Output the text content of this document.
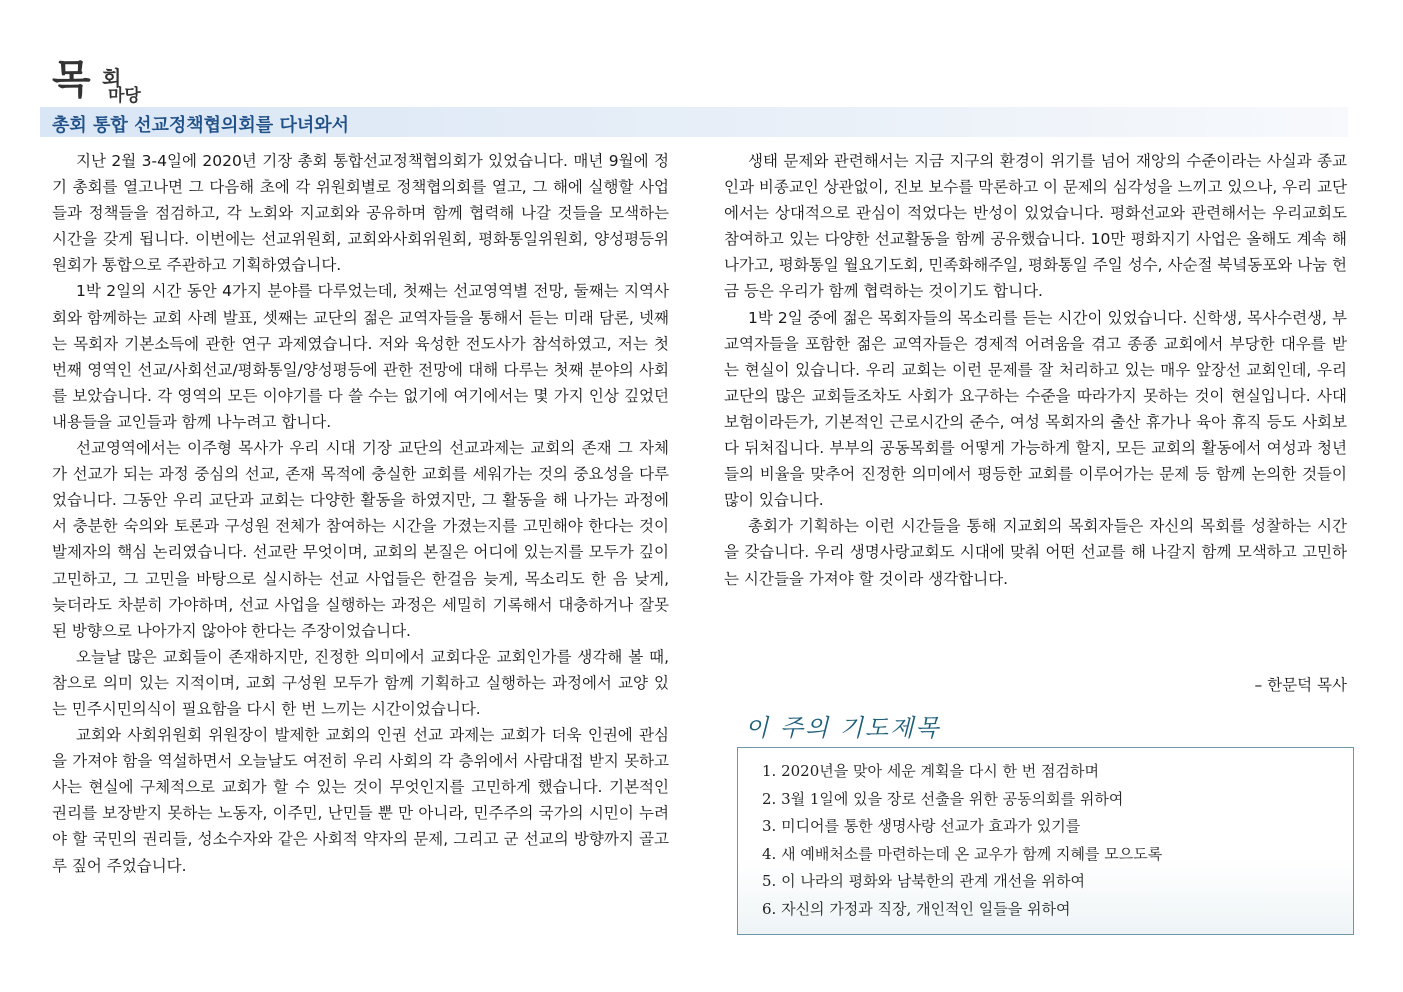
목 회
마당
총회 통합 선교정책협의회를 다녀와서

지난 2월 3-4일에 2020년 기장 총회 통합선교정책협의회가 있었습니다. 매년 9월에 정기 총회를 열고나면 그 다음해 초에 각 위원회별로 정책협의회를 열고, 그 해에 실행할 사업들과 정책들을 점검하고, 각 노회와 지교회와 공유하며 함께 협력해 나갈 것들을 모색하는 시간을 갖게 됩니다. 이번에는 선교위원회, 교회와사회위원회, 평화통일위원회, 양성평등위원회가 통합으로 주관하고 기획하였습니다.

1박 2일의 시간 동안 4가지 분야를 다루었는데, 첫째는 선교영역별 전망, 둘째는 지역사회와 함께하는 교회 사례 발표, 셋째는 교단의 젊은 교역자들을 통해서 듣는 미래 담론, 넷째는 목회자 기본소득에 관한 연구 과제였습니다. 저와 육성한 전도사가 참석하였고, 저는 첫 번째 영역인 선교/사회선교/평화통일/양성평등에 관한 전망에 대해 다루는 첫째 분야의 사회를 보았습니다. 각 영역의 모든 이야기를 다 쓸 수는 없기에 여기에서는 몇 가지 인상 깊었던 내용들을 교인들과 함께 나누려고 합니다.

선교영역에서는 이주형 목사가 우리 시대 기장 교단의 선교과제는 교회의 존재 그 자체가 선교가 되는 과정 중심의 선교, 존재 목적에 충실한 교회를 세워가는 것의 중요성을 다루었습니다. 그동안 우리 교단과 교회는 다양한 활동을 하였지만, 그 활동을 해 나가는 과정에서 충분한 숙의와 토론과 구성원 전체가 참여하는 시간을 가졌는지를 고민해야 한다는 것이 발제자의 핵심 논리였습니다. 선교란 무엇이며, 교회의 본질은 어디에 있는지를 모두가 깊이 고민하고, 그 고민을 바탕으로 실시하는 선교 사업들은 한걸음 늦게, 목소리도 한 음 낮게, 늦더라도 차분히 가야하며, 선교 사업을 실행하는 과정은 세밀히 기록해서 대충하거나 잘못된 방향으로 나아가지 않아야 한다는 주장이었습니다.

오늘날 많은 교회들이 존재하지만, 진정한 의미에서 교회다운 교회인가를 생각해 볼 때, 참으로 의미 있는 지적이며, 교회 구성원 모두가 함께 기획하고 실행하는 과정에서 교양 있는 민주시민의식이 필요함을 다시 한 번 느끼는 시간이었습니다.

교회와 사회위원회 위원장이 발제한 교회의 인권 선교 과제는 교회가 더욱 인권에 관심을 가져야 함을 역설하면서 오늘날도 여전히 우리 사회의 각 층위에서 사람대접 받지 못하고 사는 현실에 구체적으로 교회가 할 수 있는 것이 무엇인지를 고민하게 했습니다. 기본적인 권리를 보장받지 못하는 노동자, 이주민, 난민들 뿐 만 아니라, 민주주의 국가의 시민이 누려야 할 국민의 권리들, 성소수자와 같은 사회적 약자의 문제, 그리고 군 선교의 방향까지 골고루 짚어 주었습니다.

생태 문제와 관련해서는 지금 지구의 환경이 위기를 넘어 재앙의 수준이라는 사실과 종교인과 비종교인 상관없이, 진보 보수를 막론하고 이 문제의 심각성을 느끼고 있으나, 우리 교단에서는 상대적으로 관심이 적었다는 반성이 있었습니다. 평화선교와 관련해서는 우리교회도 참여하고 있는 다양한 선교활동을 함께 공유했습니다. 10만 평화지기 사업은 올해도 계속 해 나가고, 평화통일 월요기도회, 민족화해주일, 평화통일 주일 성수, 사순절 북녘동포와 나눔 헌금 등은 우리가 함께 협력하는 것이기도 합니다.

1박 2일 중에 젊은 목회자들의 목소리를 듣는 시간이 있었습니다. 신학생, 목사수련생, 부교역자들을 포함한 젊은 교역자들은 경제적 어려움을 겪고 종종 교회에서 부당한 대우를 받는 현실이 있습니다. 우리 교회는 이런 문제를 잘 처리하고 있는 매우 앞장선 교회인데, 우리 교단의 많은 교회들조차도 사회가 요구하는 수준을 따라가지 못하는 것이 현실입니다. 사대보험이라든가, 기본적인 근로시간의 준수, 여성 목회자의 출산 휴가나 육아 휴직 등도 사회보다 뒤처집니다. 부부의 공동목회를 어떻게 가능하게 할지, 모든 교회의 활동에서 여성과 청년들의 비율을 맞추어 진정한 의미에서 평등한 교회를 이루어가는 문제 등 함께 논의한 것들이 많이 있습니다.

총회가 기획하는 이런 시간들을 통해 지교회의 목회자들은 자신의 목회를 성찰하는 시간을 갖습니다. 우리 생명사랑교회도 시대에 맞춰 어떤 선교를 해 나갈지 함께 모색하고 고민하는 시간들을 가져야 할 것이라 생각합니다.

– 한문덕 목사
이 주의 기도제목
1. 2020년을 맞아 세운 계획을 다시 한 번 점검하며
2. 3월 1일에 있을 장로 선출을 위한 공동의회를 위하여
3. 미디어를 통한 생명사랑 선교가 효과가 있기를
4. 새 예배처소를 마련하는데 온 교우가 함께 지혜를 모으도록
5. 이 나라의 평화와 남북한의 관계 개선을 위하여
6. 자신의 가정과 직장, 개인적인 일들을 위하여
